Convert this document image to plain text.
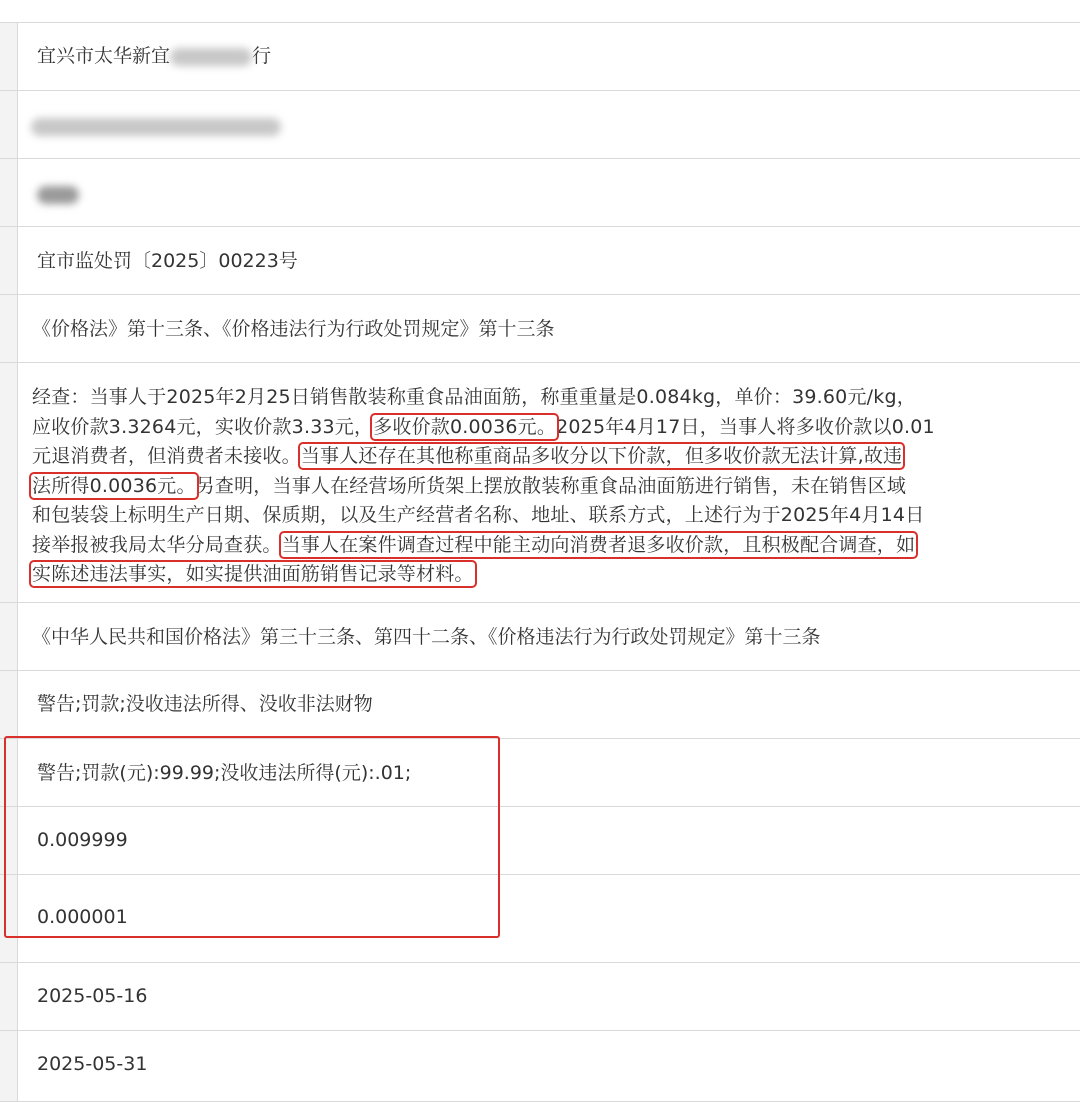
宜兴市太华新宜	行
宜市监处罚〔2025〕00223号
《价格法》第十三条、《价格违法行为行政处罚规定》第十三条
经查：当事人于2025年2月25日销售散装称重食品油面筋，称重重量是0.084kg，单价：39.60元/kg，
应收价款3.3264元，实收价款3.33元，多收价款0.0036元。2025年4月17日，当事人将多收价款以0.01
元退消费者，但消费者未接收。当事人还存在其他称重商品多收分以下价款，但多收价款无法计算,故违
法所得0.0036元。另查明，当事人在经营场所货架上摆放散装称重食品油面筋进行销售，未在销售区域
和包装袋上标明生产日期、保质期，以及生产经营者名称、地址、联系方式，上述行为于2025年4月14日
接举报被我局太华分局查获。当事人在案件调查过程中能主动向消费者退多收价款，且积极配合调查，如
实陈述违法事实，如实提供油面筋销售记录等材料。
《中华人民共和国价格法》第三十三条、第四十二条、《价格违法行为行政处罚规定》第十三条
警告;罚款;没收违法所得、没收非法财物
警告;罚款(元):99.99;没收违法所得(元):.01;
0.009999
0.000001
2025-05-16
2025-05-31
